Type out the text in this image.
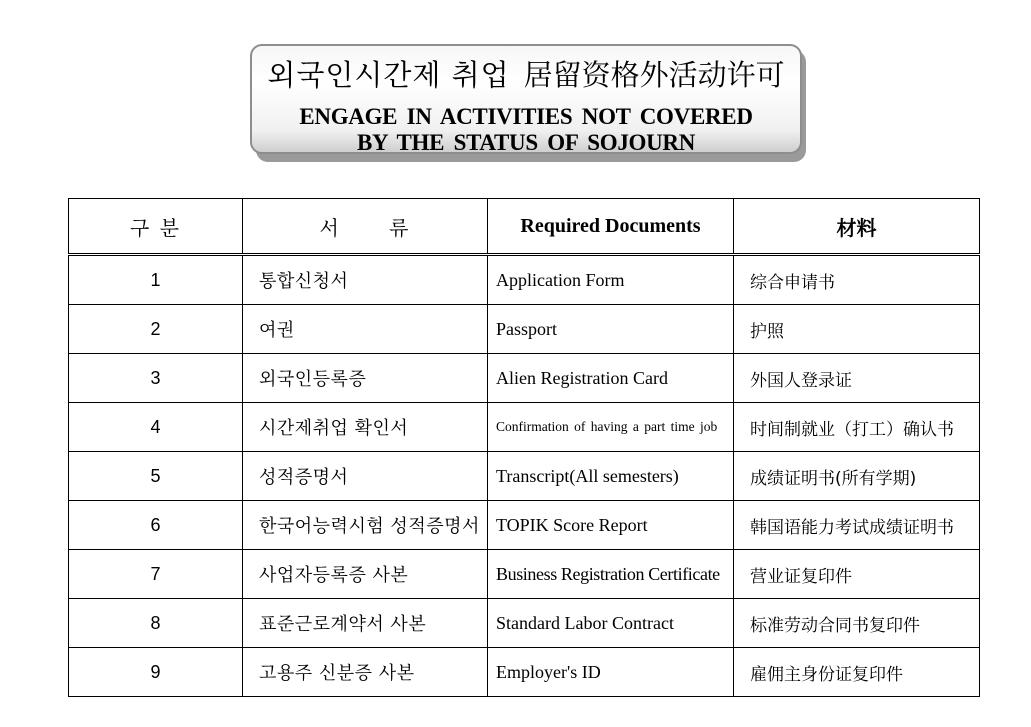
외국인시간제 취업 居留资格外活动许可
ENGAGE IN ACTIVITIES NOT COVERED
BY THE STATUS OF SOJOURN
구 분	서 류	Required Documents	材料
1	통합신청서	Application Form	综合申请书
2	여권	Passport	护照
3	외국인등록증	Alien Registration Card	外国人登录证
4	시간제취업 확인서	Confirmation of having a part time job	时间制就业（打工）确认书
5	성적증명서	Transcript(All semesters)	成绩证明书(所有学期)
6	한국어능력시험 성적증명서	TOPIK Score Report	韩国语能力考试成绩证明书
7	사업자등록증 사본	Business Registration Certificate	营业证复印件
8	표준근로계약서 사본	Standard Labor Contract	标准劳动合同书复印件
9	고용주 신분증 사본	Employer's ID	雇佣主身份证复印件
